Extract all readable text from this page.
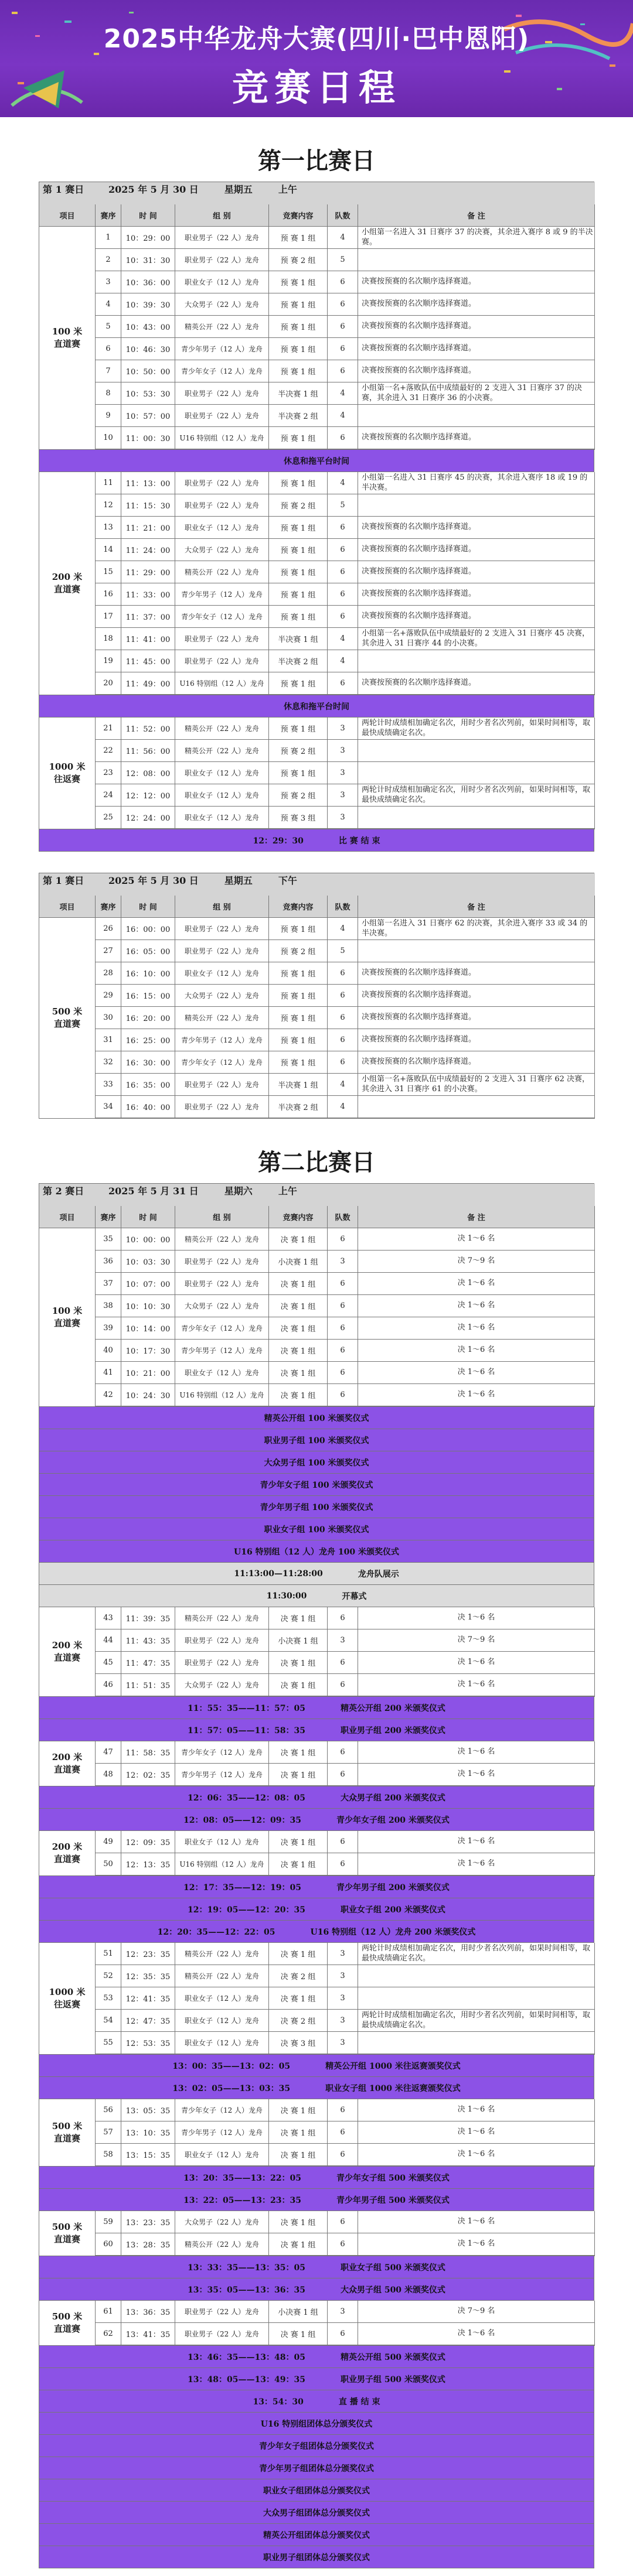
2025中华龙舟大赛(四川·巴中恩阳)
竞赛日程
第一比赛日
第 1 赛日	2025 年 5 月 30 日	星期五	上午
项目	赛序	时 间	组 别	竞赛内容	队数	备 注
100 米
直道赛
1	10：29：00	职业男子（22 人）龙舟	预 赛 1 组	4
小组第一名进入 31 日赛序 37 的决赛，其余进入赛序 8 或 9 的半决赛。
2	10：31：30	职业男子（22 人）龙舟	预 赛 2 组	5
3	10：36：00	职业女子（12 人）龙舟	预 赛 1 组	6	决赛按预赛的名次顺序选择赛道。
4	10：39：30	大众男子（22 人）龙舟	预 赛 1 组	6	决赛按预赛的名次顺序选择赛道。
5	10：43：00	精英公开（22 人）龙舟	预 赛 1 组	6	决赛按预赛的名次顺序选择赛道。
6	10：46：30	青少年男子（12 人）龙舟	预 赛 1 组	6	决赛按预赛的名次顺序选择赛道。
7	10：50：00	青少年女子（12 人）龙舟	预 赛 1 组	6	决赛按预赛的名次顺序选择赛道。
8	10：53：30	职业男子（22 人）龙舟	半决赛 1 组	4
小组第一名+落败队伍中成绩最好的 2 支进入 31 日赛序 37 的决赛，其余进入 31 日赛序 36 的小决赛。
9	10：57：00	职业男子（22 人）龙舟	半决赛 2 组	4
10	11：00：30	U16 特别组（12 人）龙舟	预 赛 1 组	6	决赛按预赛的名次顺序选择赛道。
休息和拖平台时间
200 米
直道赛
11	11：13：00	职业男子（22 人）龙舟	预 赛 1 组	4
小组第一名进入 31 日赛序 45 的决赛，其余进入赛序 18 或 19 的半决赛。
12	11：15：30	职业男子（22 人）龙舟	预 赛 2 组	5
13	11：21：00	职业女子（12 人）龙舟	预 赛 1 组	6	决赛按预赛的名次顺序选择赛道。
14	11：24：00	大众男子（22 人）龙舟	预 赛 1 组	6	决赛按预赛的名次顺序选择赛道。
15	11：29：00	精英公开（22 人）龙舟	预 赛 1 组	6	决赛按预赛的名次顺序选择赛道。
16	11：33：00	青少年男子（12 人）龙舟	预 赛 1 组	6	决赛按预赛的名次顺序选择赛道。
17	11：37：00	青少年女子（12 人）龙舟	预 赛 1 组	6	决赛按预赛的名次顺序选择赛道。
18	11：41：00	职业男子（22 人）龙舟	半决赛 1 组	4
小组第一名+落败队伍中成绩最好的 2 支进入 31 日赛序 45 决赛，其余进入 31 日赛序 44 的小决赛。
19	11：45：00	职业男子（22 人）龙舟	半决赛 2 组	4
20	11：49：00	U16 特别组（12 人）龙舟	预 赛 1 组	6	决赛按预赛的名次顺序选择赛道。
休息和拖平台时间
1000 米
往返赛
21	11：52：00	精英公开（22 人）龙舟	预 赛 1 组	3
两轮计时成绩相加确定名次，用时少者名次列前，如果时间相等，取最快成绩确定名次。
22	11：56：00	精英公开（22 人）龙舟	预 赛 2 组	3
23	12：08：00	职业女子（12 人）龙舟	预 赛 1 组	3
24	12：12：00	职业女子（12 人）龙舟	预 赛 2 组	3
两轮计时成绩相加确定名次，用时少者名次列前，如果时间相等，取最快成绩确定名次。
25	12：24：00	职业女子（12 人）龙舟	预 赛 3 组	3
12：29：30	比 赛 结 束
第 1 赛日	2025 年 5 月 30 日	星期五	下午
项目	赛序	时 间	组 别	竞赛内容	队数	备 注
500 米
直道赛
26	16：00：00	职业男子（22 人）龙舟	预 赛 1 组	4
小组第一名进入 31 日赛序 62 的决赛，其余进入赛序 33 或 34 的半决赛。
27	16：05：00	职业男子（22 人）龙舟	预 赛 2 组	5
28	16：10：00	职业女子（12 人）龙舟	预 赛 1 组	6	决赛按预赛的名次顺序选择赛道。
29	16：15：00	大众男子（22 人）龙舟	预 赛 1 组	6	决赛按预赛的名次顺序选择赛道。
30	16：20：00	精英公开（22 人）龙舟	预 赛 1 组	6	决赛按预赛的名次顺序选择赛道。
31	16：25：00	青少年男子（12 人）龙舟	预 赛 1 组	6	决赛按预赛的名次顺序选择赛道。
32	16：30：00	青少年女子（12 人）龙舟	预 赛 1 组	6	决赛按预赛的名次顺序选择赛道。
33	16：35：00	职业男子（22 人）龙舟	半决赛 1 组	4
小组第一名+落败队伍中成绩最好的 2 支进入 31 日赛序 62 决赛，其余进入 31 日赛序 61 的小决赛。
34	16：40：00	职业男子（22 人）龙舟	半决赛 2 组	4
第二比赛日
第 2 赛日	2025 年 5 月 31 日	星期六	上午
项目	赛序	时 间	组 别	竞赛内容	队数	备 注
100 米
直道赛
35	10：00：00	精英公开（22 人）龙舟	决 赛 1 组	6	决 1～6 名
36	10：03：30	职业男子（22 人）龙舟	小决赛 1 组	3	决 7～9 名
37	10：07：00	职业男子（22 人）龙舟	决 赛 1 组	6	决 1～6 名
38	10：10：30	大众男子（22 人）龙舟	决 赛 1 组	6	决 1～6 名
39	10：14：00	青少年女子（12 人）龙舟	决 赛 1 组	6	决 1～6 名
40	10：17：30	青少年男子（12 人）龙舟	决 赛 1 组	6	决 1～6 名
41	10：21：00	职业女子（12 人）龙舟	决 赛 1 组	6	决 1～6 名
42	10：24：30	U16 特别组（12 人）龙舟	决 赛 1 组	6	决 1～6 名
精英公开组 100 米颁奖仪式
职业男子组 100 米颁奖仪式
大众男子组 100 米颁奖仪式
青少年女子组 100 米颁奖仪式
青少年男子组 100 米颁奖仪式
职业女子组 100 米颁奖仪式
U16 特别组（12 人）龙舟 100 米颁奖仪式
11:13:00—11:28:00	龙舟队展示
11:30:00	开幕式
200 米
直道赛
43	11：39：35	精英公开（22 人）龙舟	决 赛 1 组	6	决 1～6 名
44	11：43：35	职业男子（22 人）龙舟	小决赛 1 组	3	决 7～9 名
45	11：47：35	职业男子（22 人）龙舟	决 赛 1 组	6	决 1～6 名
46	11：51：35	大众男子（22 人）龙舟	决 赛 1 组	6	决 1～6 名
11：55：35——11：57：05	精英公开组 200 米颁奖仪式
11：57：05——11：58：35	职业男子组 200 米颁奖仪式
200 米
直道赛
47	11：58：35	青少年女子（12 人）龙舟	决 赛 1 组	6	决 1～6 名
48	12：02：35	青少年男子（12 人）龙舟	决 赛 1 组	6	决 1～6 名
12：06：35——12：08：05	大众男子组 200 米颁奖仪式
12：08：05——12：09：35	青少年女子组 200 米颁奖仪式
200 米
直道赛
49	12：09：35	职业女子（12 人）龙舟	决 赛 1 组	6	决 1～6 名
50	12：13：35	U16 特别组（12 人）龙舟	决 赛 1 组	6	决 1～6 名
12：17：35——12：19：05	青少年男子组 200 米颁奖仪式
12：19：05——12：20：35	职业女子组 200 米颁奖仪式
12：20：35——12：22：05	U16 特别组（12 人）龙舟 200 米颁奖仪式
1000 米
往返赛
51	12：23：35	精英公开（22 人）龙舟	决 赛 1 组	3
两轮计时成绩相加确定名次，用时少者名次列前，如果时间相等，取最快成绩确定名次。
52	12：35：35	精英公开（22 人）龙舟	决 赛 2 组	3
53	12：41：35	职业女子（12 人）龙舟	决 赛 1 组	3
54	12：47：35	职业女子（12 人）龙舟	决 赛 2 组	3
两轮计时成绩相加确定名次，用时少者名次列前，如果时间相等，取最快成绩确定名次。
55	12：53：35	职业女子（12 人）龙舟	决 赛 3 组	3
13：00：35——13：02：05	精英公开组 1000 米往返赛颁奖仪式
13：02：05——13：03：35	职业女子组 1000 米往返赛颁奖仪式
500 米
直道赛
56	13：05：35	青少年女子（12 人）龙舟	决 赛 1 组	6	决 1～6 名
57	13：10：35	青少年男子（12 人）龙舟	决 赛 1 组	6	决 1～6 名
58	13：15：35	职业女子（12 人）龙舟	决 赛 1 组	6	决 1～6 名
13：20：35——13：22：05	青少年女子组 500 米颁奖仪式
13：22：05——13：23：35	青少年男子组 500 米颁奖仪式
500 米
直道赛
59	13：23：35	大众男子（22 人）龙舟	决 赛 1 组	6	决 1～6 名
60	13：28：35	精英公开（22 人）龙舟	决 赛 1 组	6	决 1～6 名
13：33：35——13：35：05	职业女子组 500 米颁奖仪式
13：35：05——13：36：35	大众男子组 500 米颁奖仪式
500 米
直道赛
61	13：36：35	职业男子（22 人）龙舟	小决赛 1 组	3	决 7～9 名
62	13：41：35	职业男子（22 人）龙舟	决 赛 1 组	6	决 1～6 名
13：46：35——13：48：05	精英公开组 500 米颁奖仪式
13：48：05——13：49：35	职业男子组 500 米颁奖仪式
13：54：30	直 播 结 束
U16 特别组团体总分颁奖仪式
青少年女子组团体总分颁奖仪式
青少年男子组团体总分颁奖仪式
职业女子组团体总分颁奖仪式
大众男子组团体总分颁奖仪式
精英公开组团体总分颁奖仪式
职业男子组团体总分颁奖仪式
